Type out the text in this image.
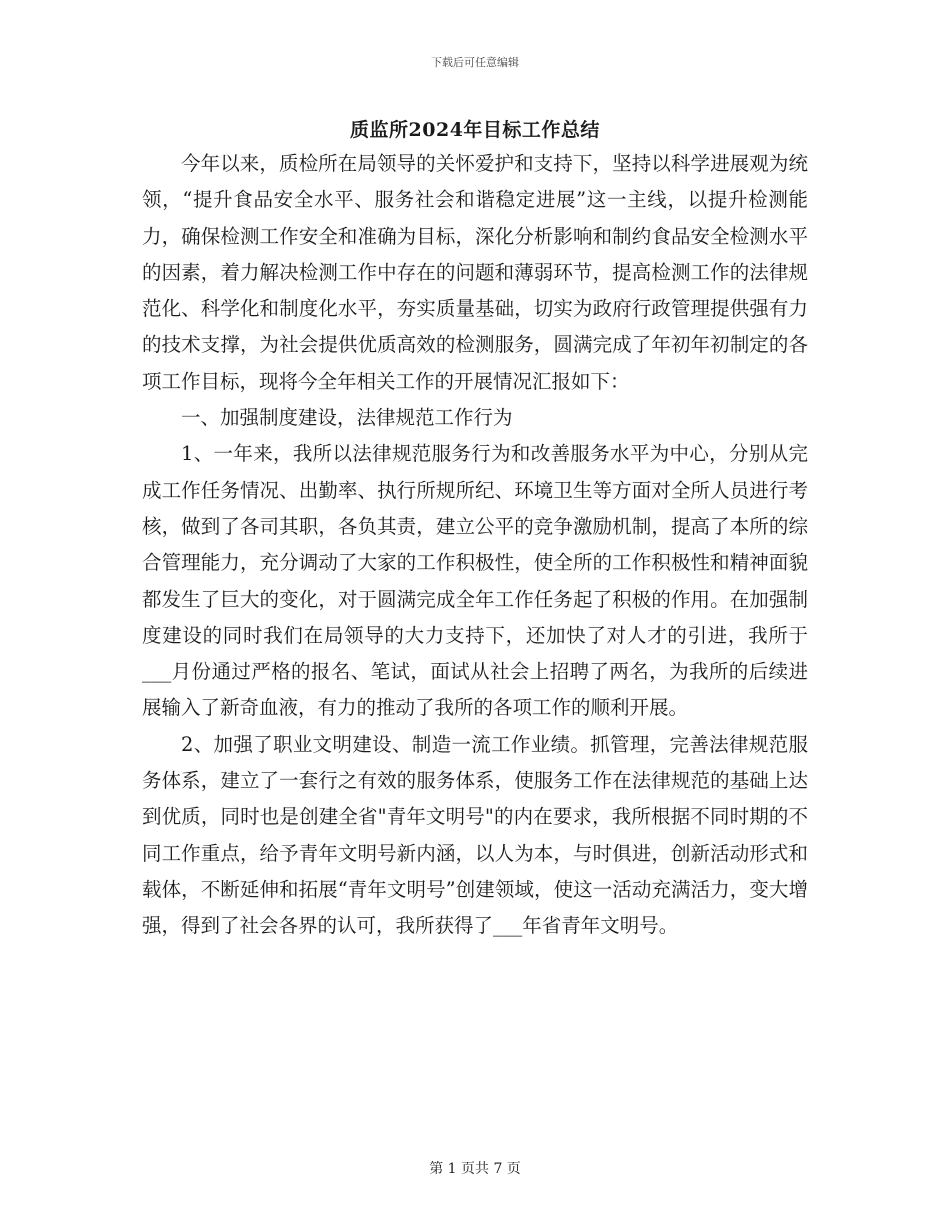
下载后可任意编辑
质监所2024年目标工作总结

今年以来，质检所在局领导的关怀爱护和支持下，坚持以科学进展观为统领，“提升食品安全水平、服务社会和谐稳定进展”这一主线，以提升检测能力，确保检测工作安全和准确为目标，深化分析影响和制约食品安全检测水平的因素，着力解决检测工作中存在的问题和薄弱环节，提高检测工作的法律规范化、科学化和制度化水平，夯实质量基础，切实为政府行政管理提供强有力的技术支撑，为社会提供优质高效的检测服务，圆满完成了年初年初制定的各项工作目标，现将今全年相关工作的开展情况汇报如下：

一、加强制度建设，法律规范工作行为

1、一年来，我所以法律规范服务行为和改善服务水平为中心，分别从完成工作任务情况、出勤率、执行所规所纪、环境卫生等方面对全所人员进行考核，做到了各司其职，各负其责，建立公平的竞争激励机制，提高了本所的综合管理能力，充分调动了大家的工作积极性，使全所的工作积极性和精神面貌都发生了巨大的变化，对于圆满完成全年工作任务起了积极的作用。在加强制度建设的同时我们在局领导的大力支持下，还加快了对人才的引进，我所于___月份通过严格的报名、笔试，面试从社会上招聘了两名，为我所的后续进展输入了新奇血液，有力的推动了我所的各项工作的顺利开展。

2、加强了职业文明建设、制造一流工作业绩。抓管理，完善法律规范服务体系，建立了一套行之有效的服务体系，使服务工作在法律规范的基础上达到优质，同时也是创建全省"青年文明号"的内在要求，我所根据不同时期的不同工作重点，给予青年文明号新内涵，以人为本，与时俱进，创新活动形式和载体，不断延伸和拓展“青年文明号”创建领域，使这一活动充满活力，变大增强，得到了社会各界的认可，我所获得了___年省青年文明号。

第 1 页共 7 页
